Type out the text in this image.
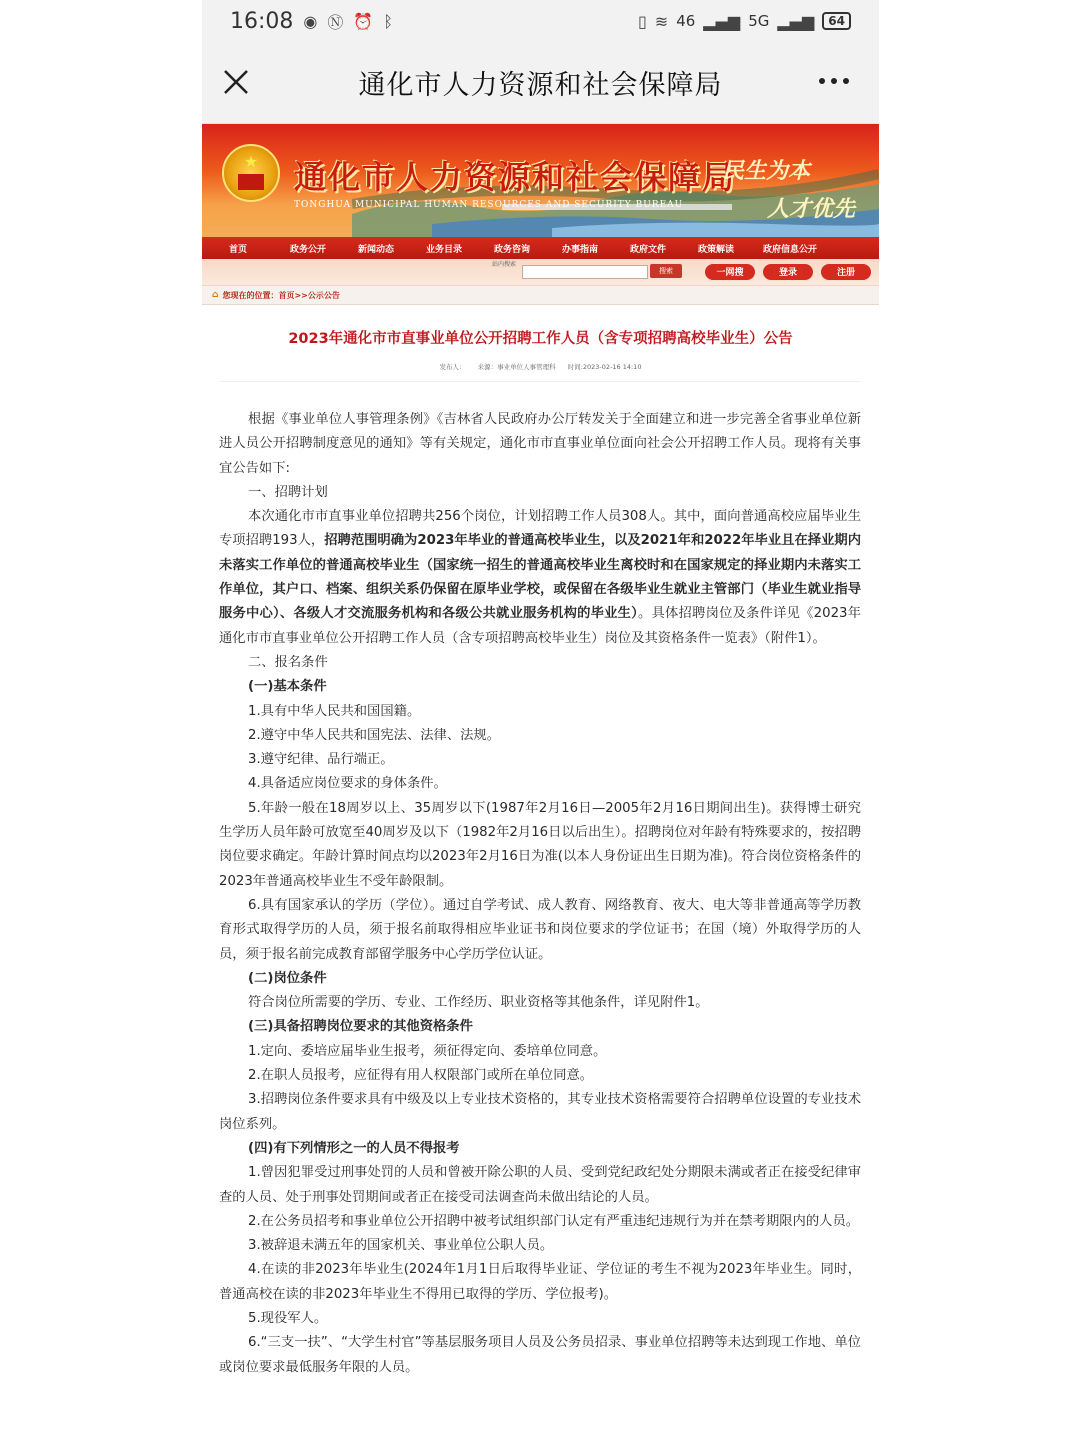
16:08 ◉ Ⓝ ⏰ ᛒ	▯ ≋ 46 ▂▄▆ 5G ▂▄▆	64
通化市人力资源和社会保障局
★	通化市人力资源和社会保障局
TONGHUA MUNICIPAL HUMAN RESOURCES AND SECURITY BUREAU
民生为本
人才优先
首页	政务公开	新闻动态	业务目录	政务咨询	办事指南	政府文件	政策解读	政府信息公开
站内搜索
搜索	一网搜	登录	注册
⌂ 您现在的位置： 首页>>公示公告
2023年通化市市直事业单位公开招聘工作人员（含专项招聘高校毕业生）公告
发布人： 来源：事业单位人事管理科 时间:2023-02-16 14:10

根据《事业单位人事管理条例》《吉林省人民政府办公厅转发关于全面建立和进一步完善全省事业单位新进人员公开招聘制度意见的通知》等有关规定，通化市市直事业单位面向社会公开招聘工作人员。现将有关事宜公告如下:

一、招聘计划

本次通化市市直事业单位招聘共256个岗位，计划招聘工作人员308人。其中，面向普通高校应届毕业生专项招聘193人，招聘范围明确为2023年毕业的普通高校毕业生，以及2021年和2022年毕业且在择业期内未落实工作单位的普通高校毕业生（国家统一招生的普通高校毕业生离校时和在国家规定的择业期内未落实工作单位，其户口、档案、组织关系仍保留在原毕业学校，或保留在各级毕业生就业主管部门（毕业生就业指导服务中心）、各级人才交流服务机构和各级公共就业服务机构的毕业生）。具体招聘岗位及条件详见《2023年通化市市直事业单位公开招聘工作人员（含专项招聘高校毕业生）岗位及其资格条件一览表》（附件1）。

二、报名条件

(一)基本条件

1.具有中华人民共和国国籍。

2.遵守中华人民共和国宪法、法律、法规。

3.遵守纪律、品行端正。

4.具备适应岗位要求的身体条件。

5.年龄一般在18周岁以上、35周岁以下(1987年2月16日—2005年2月16日期间出生)。获得博士研究生学历人员年龄可放宽至40周岁及以下（1982年2月16日以后出生）。招聘岗位对年龄有特殊要求的，按招聘岗位要求确定。年龄计算时间点均以2023年2月16日为准(以本人身份证出生日期为准)。符合岗位资格条件的2023年普通高校毕业生不受年龄限制。

6.具有国家承认的学历（学位）。通过自学考试、成人教育、网络教育、夜大、电大等非普通高等学历教育形式取得学历的人员，须于报名前取得相应毕业证书和岗位要求的学位证书；在国（境）外取得学历的人员，须于报名前完成教育部留学服务中心学历学位认证。

(二)岗位条件

符合岗位所需要的学历、专业、工作经历、职业资格等其他条件，详见附件1。

(三)具备招聘岗位要求的其他资格条件

1.定向、委培应届毕业生报考，须征得定向、委培单位同意。

2.在职人员报考，应征得有用人权限部门或所在单位同意。

3.招聘岗位条件要求具有中级及以上专业技术资格的，其专业技术资格需要符合招聘单位设置的专业技术岗位系列。

(四)有下列情形之一的人员不得报考

1.曾因犯罪受过刑事处罚的人员和曾被开除公职的人员、受到党纪政纪处分期限未满或者正在接受纪律审查的人员、处于刑事处罚期间或者正在接受司法调查尚未做出结论的人员。

2.在公务员招考和事业单位公开招聘中被考试组织部门认定有严重违纪违规行为并在禁考期限内的人员。

3.被辞退未满五年的国家机关、事业单位公职人员。

4.在读的非2023年毕业生(2024年1月1日后取得毕业证、学位证的考生不视为2023年毕业生。同时，普通高校在读的非2023年毕业生不得用已取得的学历、学位报考)。

5.现役军人。

6.“三支一扶”、“大学生村官”等基层服务项目人员及公务员招录、事业单位招聘等未达到现工作地、单位或岗位要求最低服务年限的人员。
